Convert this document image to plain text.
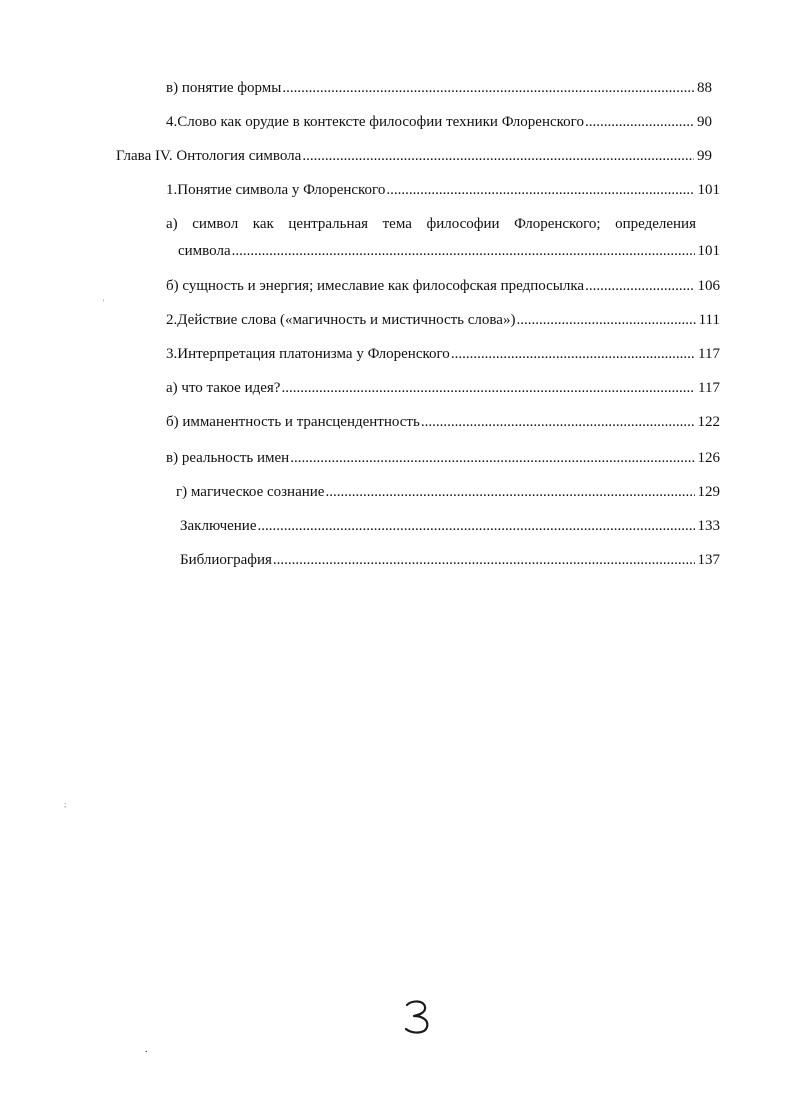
в) понятие формы .....	88
4.Слово как орудие в контексте философии техники Флоренского .....	90
Глава IV. Онтология символа .....	99
1.Понятие символа у Флоренского .....	101
а) символ как центральная тема философии Флоренского; определения
символа .....	101
б) сущность и энергия; имеславие как философская предпосылка .....	106
2.Действие слова («магичность и мистичность слова») .....	111
3.Интерпретация платонизма у Флоренского .....	117
а) что такое идея? .....	117
б) имманентность и трансцендентность .....	122
в) реальность имен .....	126
г) магическое сознание .....	129
Заключение .....	133
Библиография .....	137
'
;
.
